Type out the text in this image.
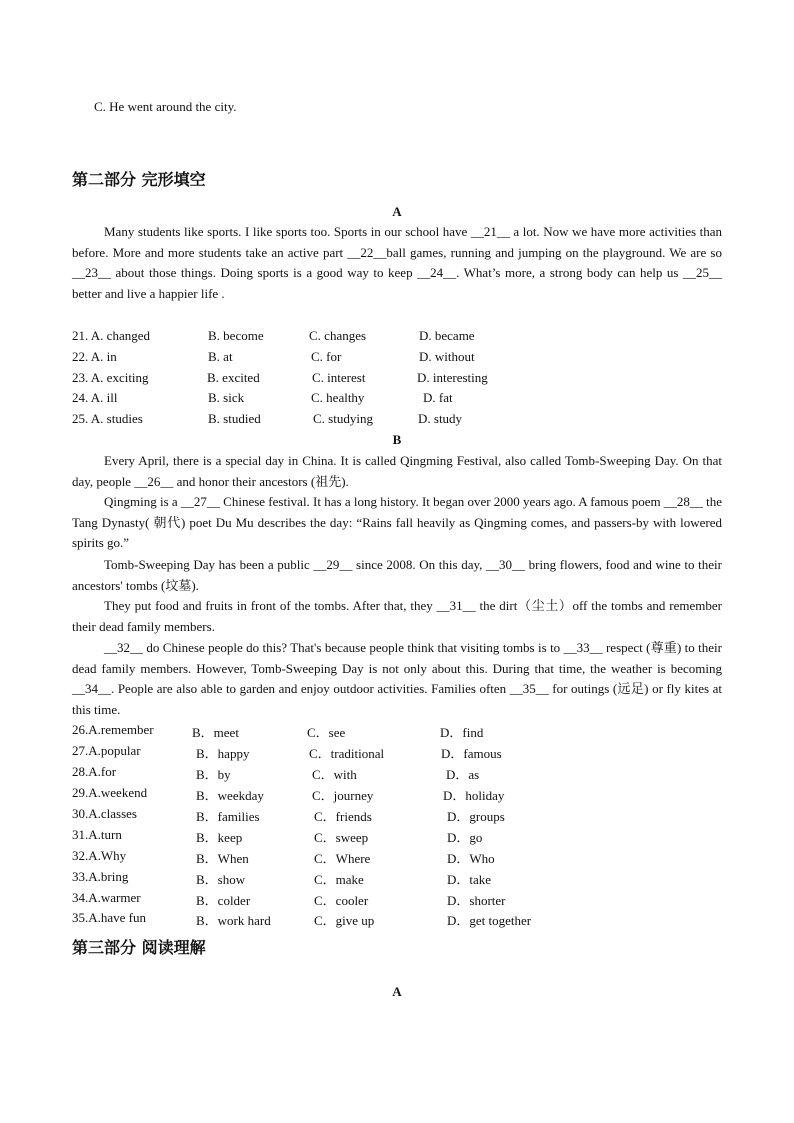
C. He went around the city.
第二部分 完形填空
A
Many students like sports. I like sports too. Sports in our school have __21__ a lot. Now we have more activities than before. More and more students take an active part __22__ball games, running and jumping on the playground. We are so __23__ about those things. Doing sports is a good way to keep __24__. What’s more, a strong body can help us __25__ better and live a happier life .
21. A. changed	B. become	C. changes	D. became
22. A. in	B. at	C. for	D. without
23. A. exciting	B. excited	C. interest	D. interesting
24. A. ill	B. sick	C. healthy	D. fat
25. A. studies	B. studied	C. studying	D. study
B
Every April, there is a special day in China. It is called Qingming Festival, also called Tomb-Sweeping Day. On that day, people __26__ and honor their ancestors (祖先).
Qingming is a __27__ Chinese festival. It has a long history. It began over 2000 years ago. A famous poem __28__ the Tang Dynasty( 朝代) poet Du Mu describes the day: “Rains fall heavily as Qingming comes, and passers-by with lowered spirits go.”
Tomb-Sweeping Day has been a public __29__ since 2008. On this day, __30__ bring flowers, food and wine to their ancestors' tombs (坟墓).
They put food and fruits in front of the tombs. After that, they __31__ the dirt（尘土）off the tombs and remember their dead family members.
__32__ do Chinese people do this? That's because people think that visiting tombs is to __33__ respect (尊重) to their dead family members. However, Tomb-Sweeping Day is not only about this. During that time, the weather is becoming __34__. People are also able to garden and enjoy outdoor activities. Families often __35__ for outings (远足) or fly kites at this time.
26.A.remember	B．meet	C．see	D．find
27.A.popular	B．happy	C．traditional	D．famous
28.A.for	B．by	C．with	D．as
29.A.weekend	B．weekday	C．journey	D．holiday
30.A.classes	B．families	C．friends	D．groups
31.A.turn	B．keep	C．sweep	D．go
32.A.Why	B．When	C．Where	D．Who
33.A.bring	B．show	C．make	D．take
34.A.warmer	B．colder	C．cooler	D．shorter
35.A.have fun	B．work hard	C．give up	D．get together
第三部分 阅读理解
A
